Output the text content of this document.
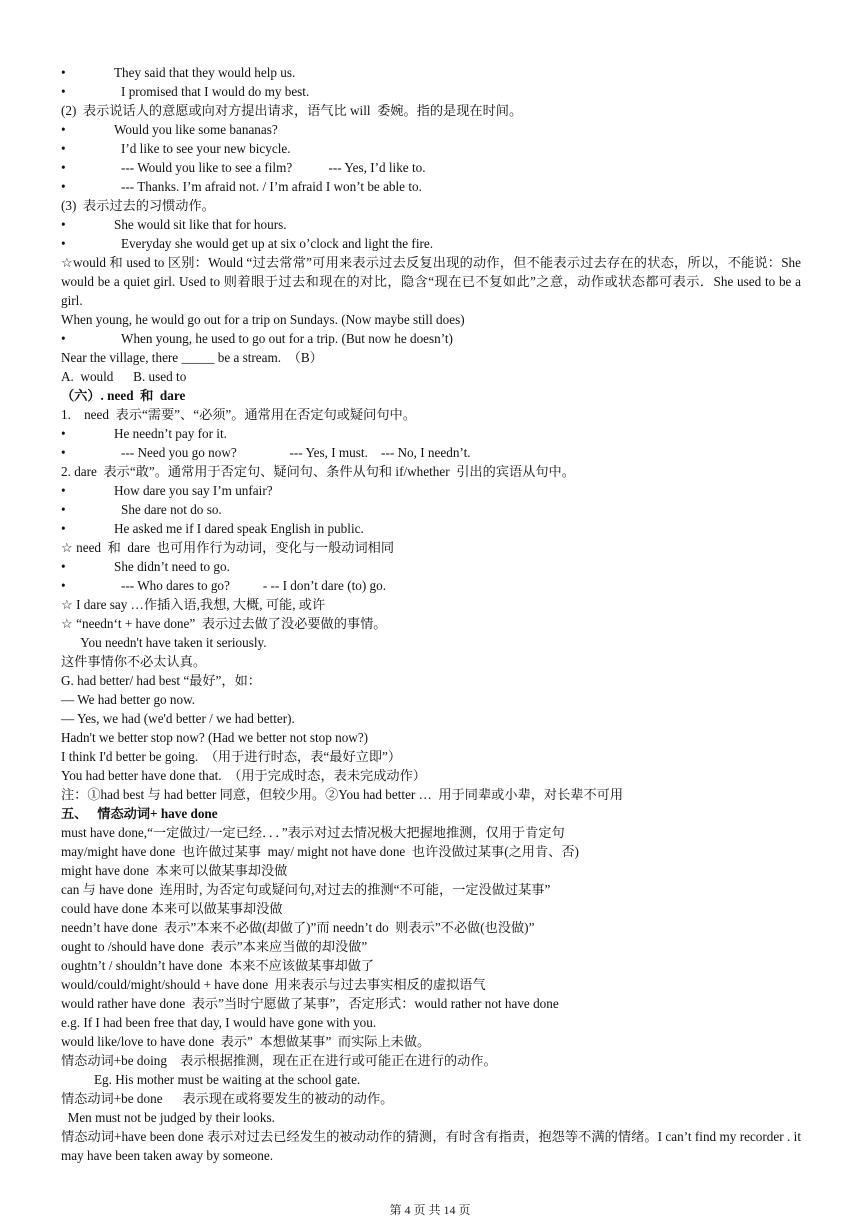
• They said that they would help us.
• I promised that I would do my best.
(2)  表示说话人的意愿或向对方提出请求，语气比 will  委婉。指的是现在时间。
• Would you like some bananas?
• I’d like to see your new bicycle.
• --- Would you like to see a film?           --- Yes, I’d like to.
• --- Thanks. I’m afraid not. / I’m afraid I won’t be able to.
(3)  表示过去的习惯动作。
• She would sit like that for hours.
• Everyday she would get up at six o’clock and light the fire.
☆would 和 used to 区别：Would “过去常常”可用来表示过去反复出现的动作，但不能表示过去存在的状态，所以，不能说：She would be a quiet girl. Used to 则着眼于过去和现在的对比，隐含“现在已不复如此”之意，动作或状态都可表示．She used to be a girl.
When young, he would go out for a trip on Sundays. (Now maybe still does)
• When young, he used to go out for a trip. (But now he doesn’t)
Near the village, there _____ be a stream.  （B）
A.  would      B. used to
（六）. need  和  dare
1.    need  表示“需要”、“必须”。通常用在否定句或疑问句中。
• He needn’t pay for it.
• --- Need you go now?                --- Yes, I must.    --- No, I needn’t.
2. dare  表示“敢”。通常用于否定句、疑问句、条件从句和 if/whether  引出的宾语从句中。
• How dare you say I’m unfair?
• She dare not do so.
• He asked me if I dared speak English in public.
☆ need  和  dare  也可用作行为动词，变化与一般动词相同
• She didn’t need to go.
• --- Who dares to go?          - -- I don’t dare (to) go.
☆ I dare say …作插入语,我想, 大概, 可能, 或许
☆ “needn‘t + have done”  表示过去做了没必要做的事情。
You needn't have taken it seriously.
这件事情你不必太认真。
G. had better/ had best “最好”，如：
— We had better go now.
— Yes, we had (we'd better / we had better).
Hadn't we better stop now? (Had we better not stop now?)
I think I'd better be going.  （用于进行时态，表“最好立即”）
You had better have done that.  （用于完成时态，表未完成动作）
注：①had best 与 had better 同意，但较少用。②You had better …  用于同辈或小辈，对长辈不可用
五、   情态动词+ have done
must have done,“一定做过/一定已经．．．”表示对过去情况极大把握地推测，仅用于肯定句
may/might have done  也许做过某事  may/ might not have done  也许没做过某事(之用肯、否)
might have done  本来可以做某事却没做
can 与 have done  连用时, 为否定句或疑问句,对过去的推测“不可能，一定没做过某事”
could have done 本来可以做某事却没做
needn’t have done  表示”本来不必做(却做了)”而 needn’t do  则表示”不必做(也没做)”
ought to /should have done  表示”本来应当做的却没做”
oughtn’t / shouldn’t have done  本来不应该做某事却做了
would/could/might/should + have done  用来表示与过去事实相反的虚拟语气
would rather have done  表示”当时宁愿做了某事”，否定形式：would rather not have done
e.g. If I had been free that day, I would have gone with you.
would like/love to have done  表示”  本想做某事”  而实际上未做。
情态动词+be doing    表示根据推测，现在正在进行或可能正在进行的动作。
Eg. His mother must be waiting at the school gate.
情态动词+be done      表示现在或将要发生的被动的动作。
Men must not be judged by their looks.
情态动词+have been done 表示对过去已经发生的被动动作的猜测，有时含有指责，抱怨等不满的情绪。I can’t find my recorder . it may have been taken away by someone.
第 4 页 共 14 页
